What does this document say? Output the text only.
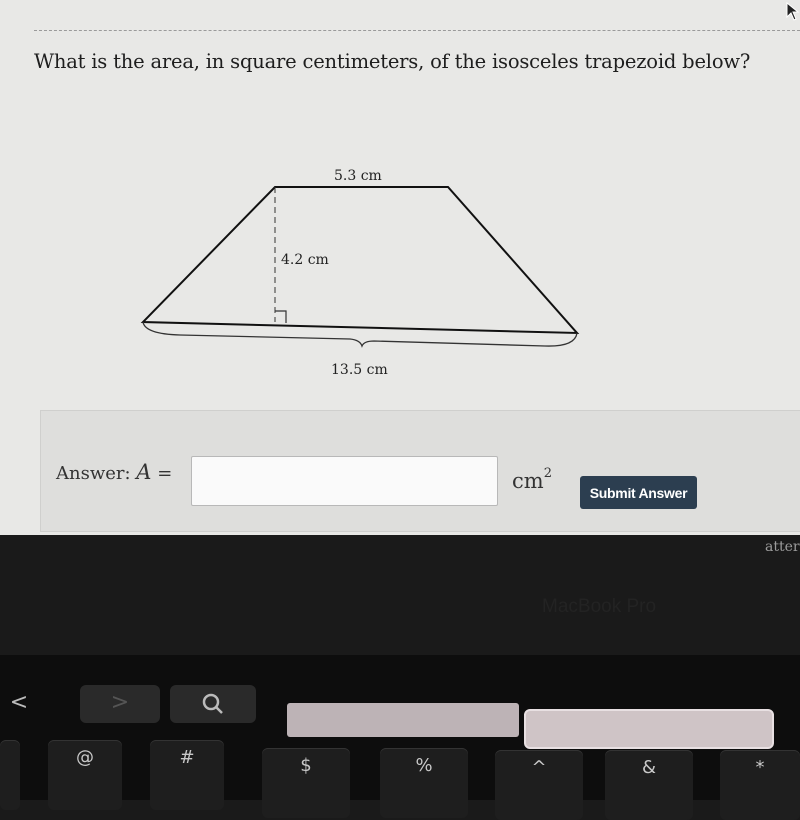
What is the area, in square centimeters, of the isosceles trapezoid below?
5.3 cm
4.2 cm
13.5 cm
Answer: A =	$cm^2$
Submit Answer
atter
MacBook Pro
<	>
@	#	$	%	^	&	*
